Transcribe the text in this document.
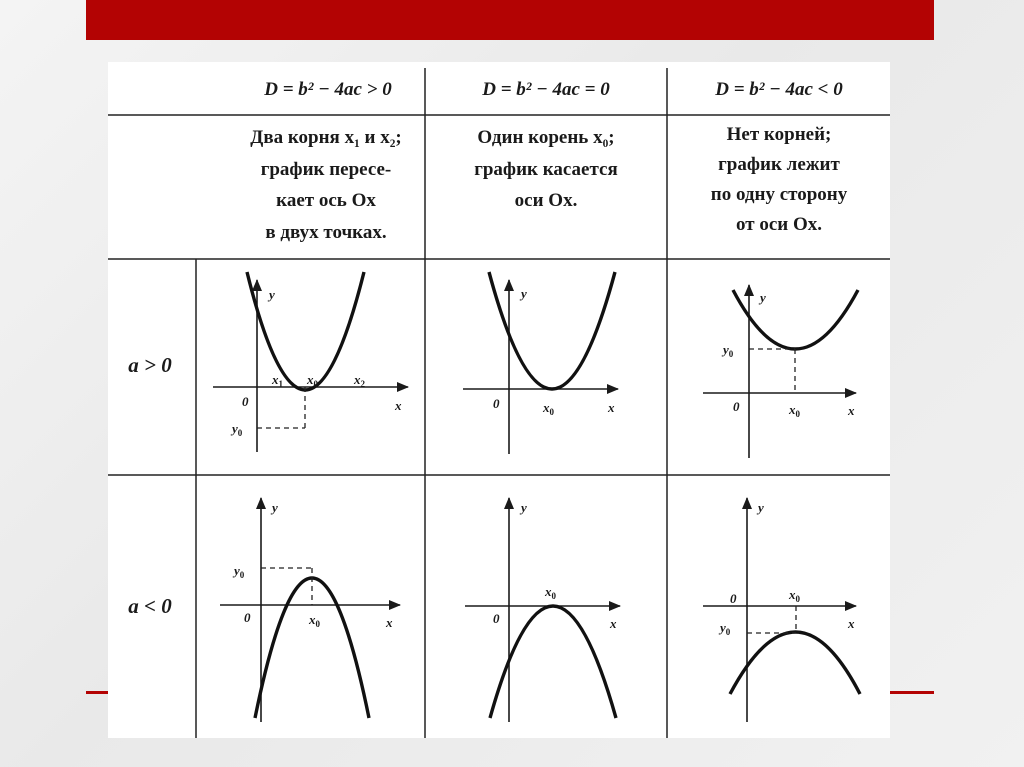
D = b² − 4ac > 0	D = b² − 4ac = 0	D = b² − 4ac < 0
Два корня x₁ и x₂;
график пересе-
кает ось Ox
в двух точках.
Один корень x₀;
график касается
оси Ox.
Нет корней;
график лежит
по одну сторону
от оси Ox.
a > 0
a < 0
y
x
0
$x_1$ $x_0$	$x_2$
$y_0$
y
x
0	$x_0$
y
x
0
$y_0$
$x_0$
y
x
0
$y_0$
$x_0$
y
x
0
$x_0$
y
x
0
$y_0$
$x_0$
